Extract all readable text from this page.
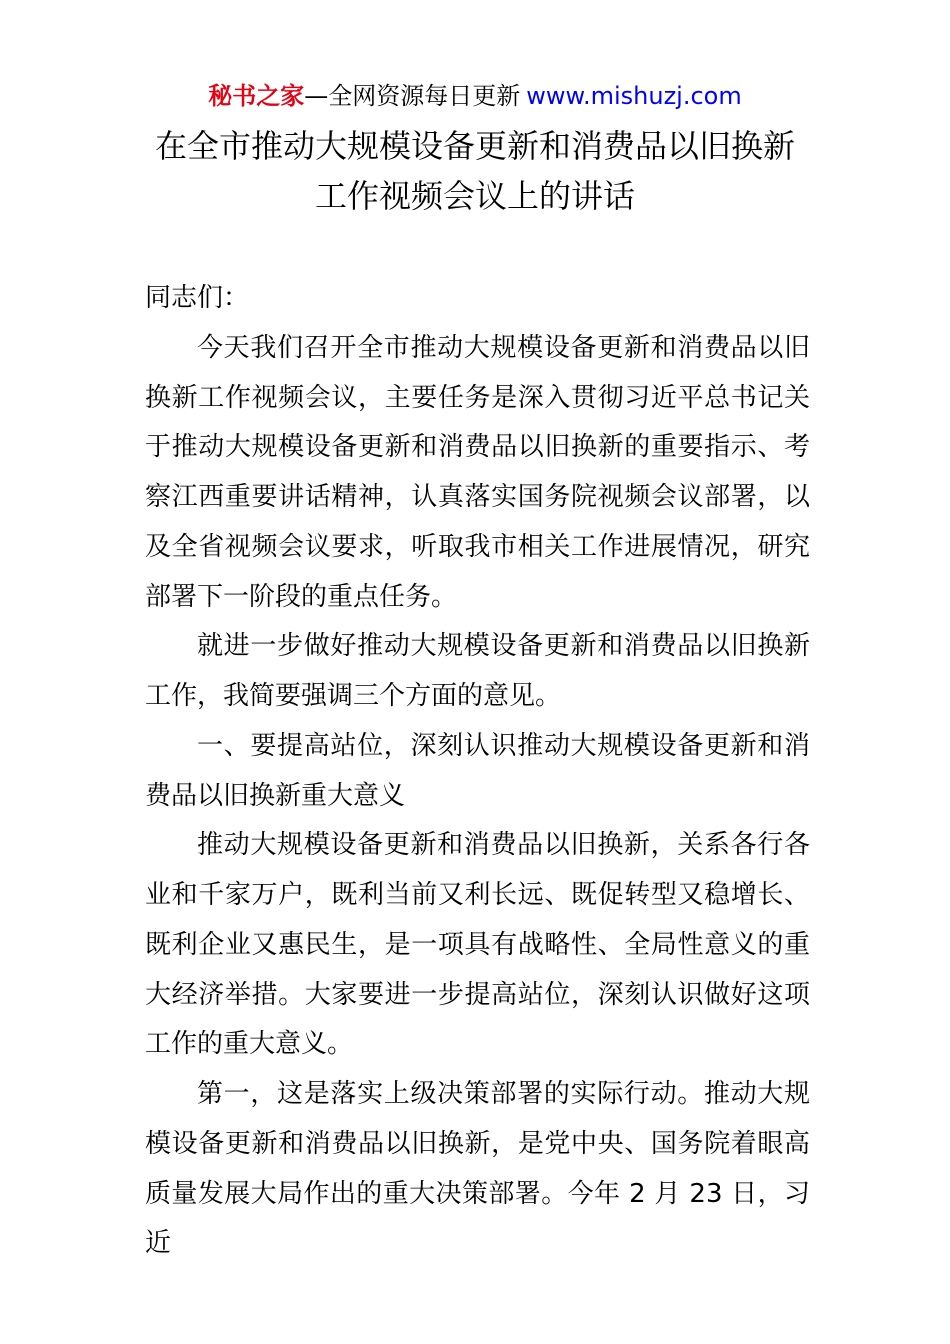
秘书之家—全网资源每日更新 www.mishuzj.com
在全市推动大规模设备更新和消费品以旧换新
工作视频会议上的讲话

同志们：

今天我们召开全市推动大规模设备更新和消费品以旧换新工作视频会议，主要任务是深入贯彻习近平总书记关于推动大规模设备更新和消费品以旧换新的重要指示、考察江西重要讲话精神，认真落实国务院视频会议部署，以及全省视频会议要求，听取我市相关工作进展情况，研究部署下一阶段的重点任务。

就进一步做好推动大规模设备更新和消费品以旧换新工作，我简要强调三个方面的意见。

一、要提高站位，深刻认识推动大规模设备更新和消费品以旧换新重大意义

推动大规模设备更新和消费品以旧换新，关系各行各业和千家万户，既利当前又利长远、既促转型又稳增长、既利企业又惠民生，是一项具有战略性、全局性意义的重大经济举措。大家要进一步提高站位，深刻认识做好这项工作的重大意义。

第一，这是落实上级决策部署的实际行动。推动大规模设备更新和消费品以旧换新，是党中央、国务院着眼高质量发展大局作出的重大决策部署。今年 2 月 23 日，习近
